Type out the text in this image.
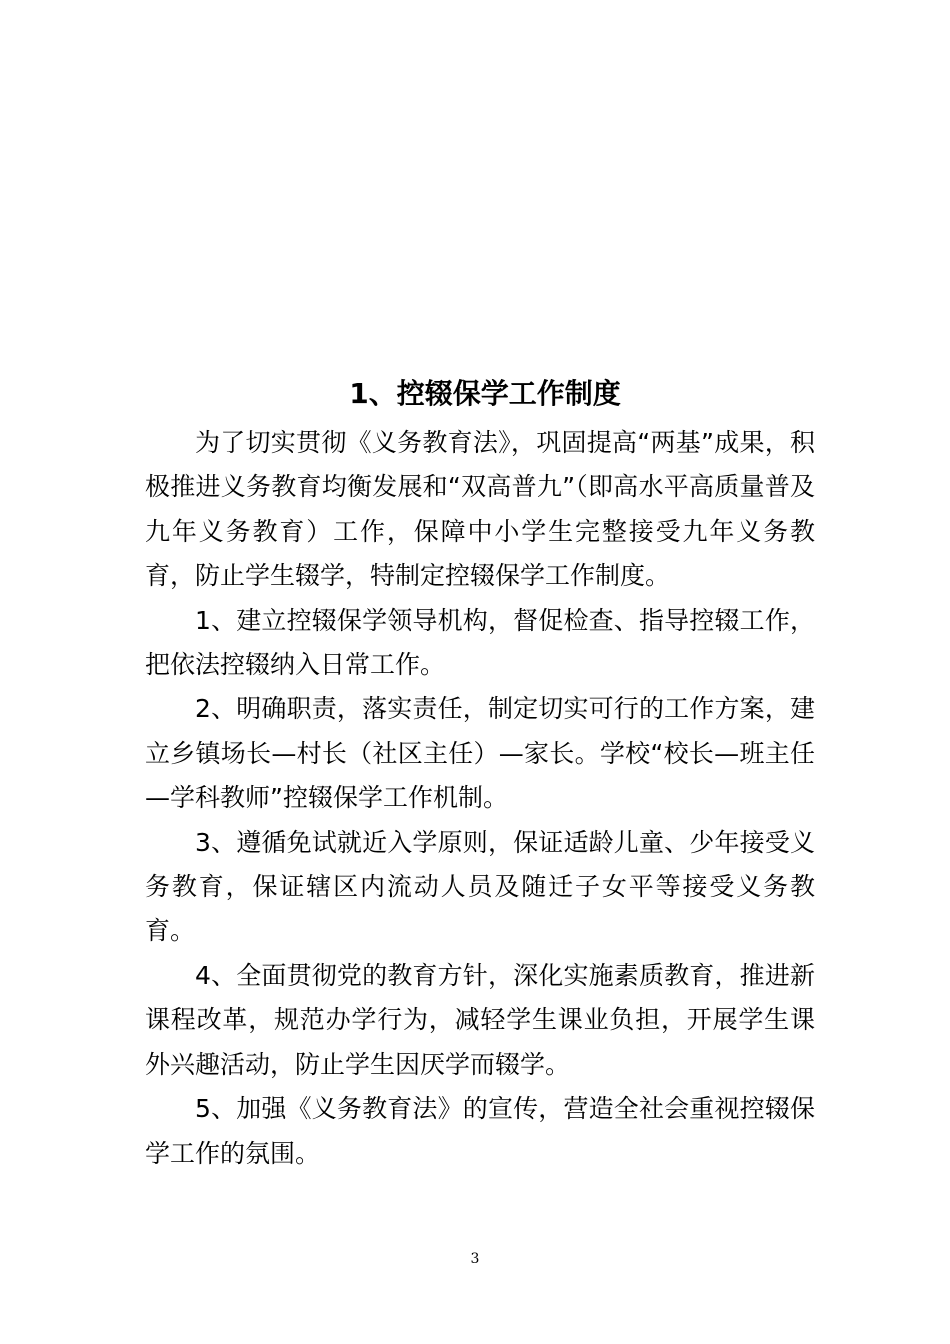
1、控辍保学工作制度

为了切实贯彻《义务教育法》，巩固提高“两基”成果，积极推进义务教育均衡发展和“双高普九”（即高水平高质量普及九年义务教育）工作，保障中小学生完整接受九年义务教育，防止学生辍学，特制定控辍保学工作制度。

1、建立控辍保学领导机构，督促检查、指导控辍工作，把依法控辍纳入日常工作。

2、明确职责，落实责任，制定切实可行的工作方案，建立乡镇场长—村长（社区主任）—家长。学校“校长—班主任—学科教师”控辍保学工作机制。

3、遵循免试就近入学原则，保证适龄儿童、少年接受义务教育，保证辖区内流动人员及随迁子女平等接受义务教育。

4、全面贯彻党的教育方针，深化实施素质教育，推进新课程改革，规范办学行为，减轻学生课业负担，开展学生课外兴趣活动，防止学生因厌学而辍学。

5、加强《义务教育法》的宣传，营造全社会重视控辍保学工作的氛围。

3
